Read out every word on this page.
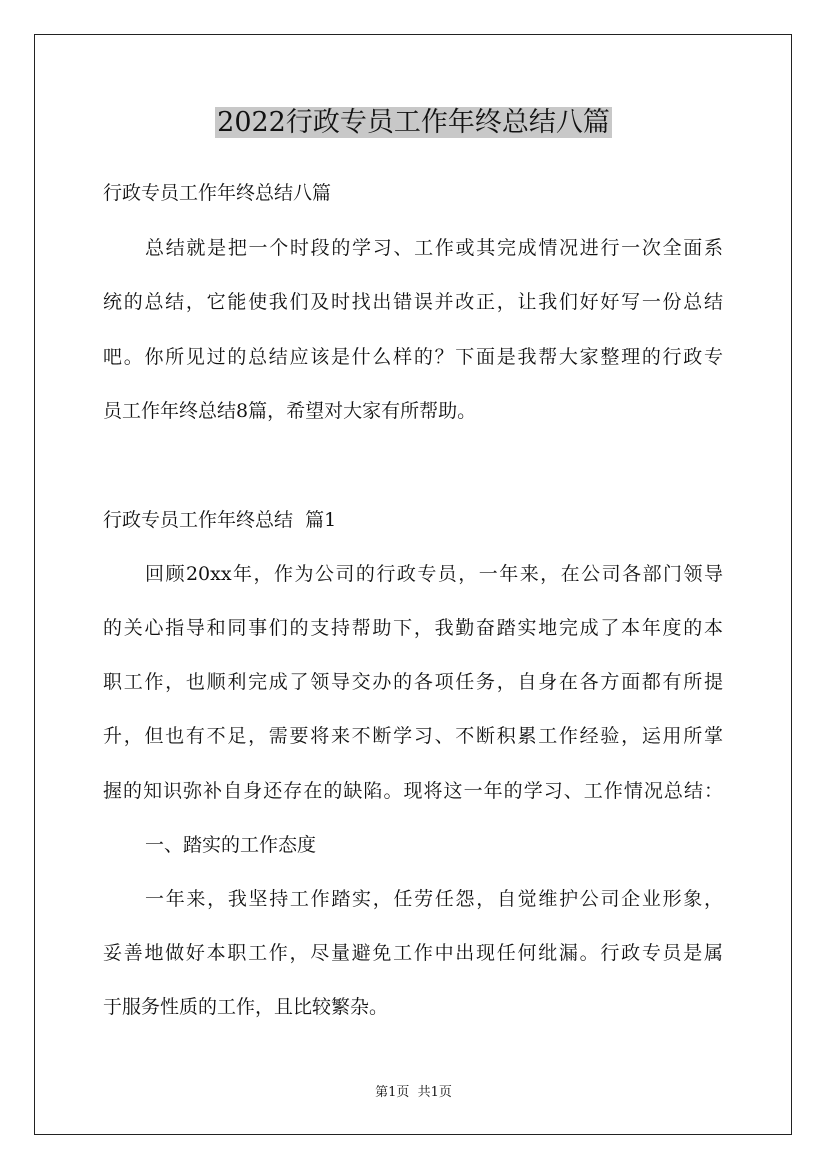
2022行政专员工作年终总结八篇
行政专员工作年终总结八篇
总结就是把一个时段的学习、工作或其完成情况进行一次全面系
统的总结，它能使我们及时找出错误并改正，让我们好好写一份总结
吧。你所见过的总结应该是什么样的？下面是我帮大家整理的行政专
员工作年终总结8篇，希望对大家有所帮助。
行政专员工作年终总结  篇1
回顾20xx年，作为公司的行政专员，一年来，在公司各部门领导
的关心指导和同事们的支持帮助下，我勤奋踏实地完成了本年度的本
职工作，也顺利完成了领导交办的各项任务，自身在各方面都有所提
升，但也有不足，需要将来不断学习、不断积累工作经验，运用所掌
握的知识弥补自身还存在的缺陷。现将这一年的学习、工作情况总结：
一、踏实的工作态度
一年来，我坚持工作踏实，任劳任怨，自觉维护公司企业形象，
妥善地做好本职工作，尽量避免工作中出现任何纰漏。行政专员是属
于服务性质的工作，且比较繁杂。
第1页  共1页
